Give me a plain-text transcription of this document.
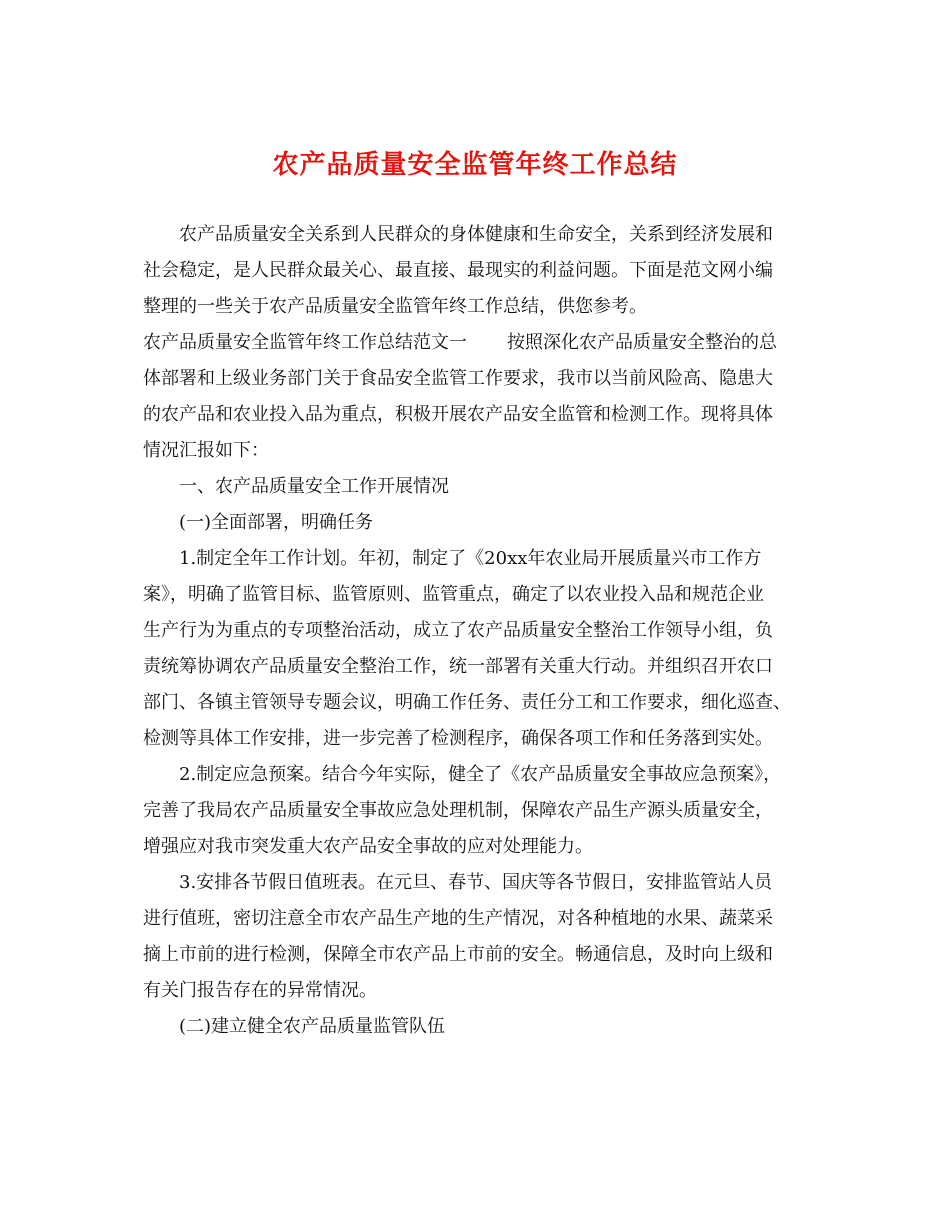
农产品质量安全监管年终工作总结

农产品质量安全关系到人民群众的身体健康和生命安全，关系到经济发展和

社会稳定，是人民群众最关心、最直接、最现实的利益问题。下面是范文网小编

整理的一些关于农产品质量安全监管年终工作总结，供您参考。

农产品质量安全监管年终工作总结范文一 按照深化农产品质量安全整治的总

体部署和上级业务部门关于食品安全监管工作要求，我市以当前风险高、隐患大

的农产品和农业投入品为重点，积极开展农产品安全监管和检测工作。现将具体

情况汇报如下：

一、农产品质量安全工作开展情况

(一)全面部署，明确任务

1.制定全年工作计划。年初，制定了《20xx年农业局开展质量兴市工作方

案》，明确了监管目标、监管原则、监管重点，确定了以农业投入品和规范企业

生产行为为重点的专项整治活动，成立了农产品质量安全整治工作领导小组，负

责统筹协调农产品质量安全整治工作，统一部署有关重大行动。并组织召开农口

部门、各镇主管领导专题会议，明确工作任务、责任分工和工作要求，细化巡查、

检测等具体工作安排，进一步完善了检测程序，确保各项工作和任务落到实处。

2.制定应急预案。结合今年实际，健全了《农产品质量安全事故应急预案》，

完善了我局农产品质量安全事故应急处理机制，保障农产品生产源头质量安全，

增强应对我市突发重大农产品安全事故的应对处理能力。

3.安排各节假日值班表。在元旦、春节、国庆等各节假日，安排监管站人员

进行值班，密切注意全市农产品生产地的生产情况，对各种植地的水果、蔬菜采

摘上市前的进行检测，保障全市农产品上市前的安全。畅通信息，及时向上级和

有关门报告存在的异常情况。

(二)建立健全农产品质量监管队伍
